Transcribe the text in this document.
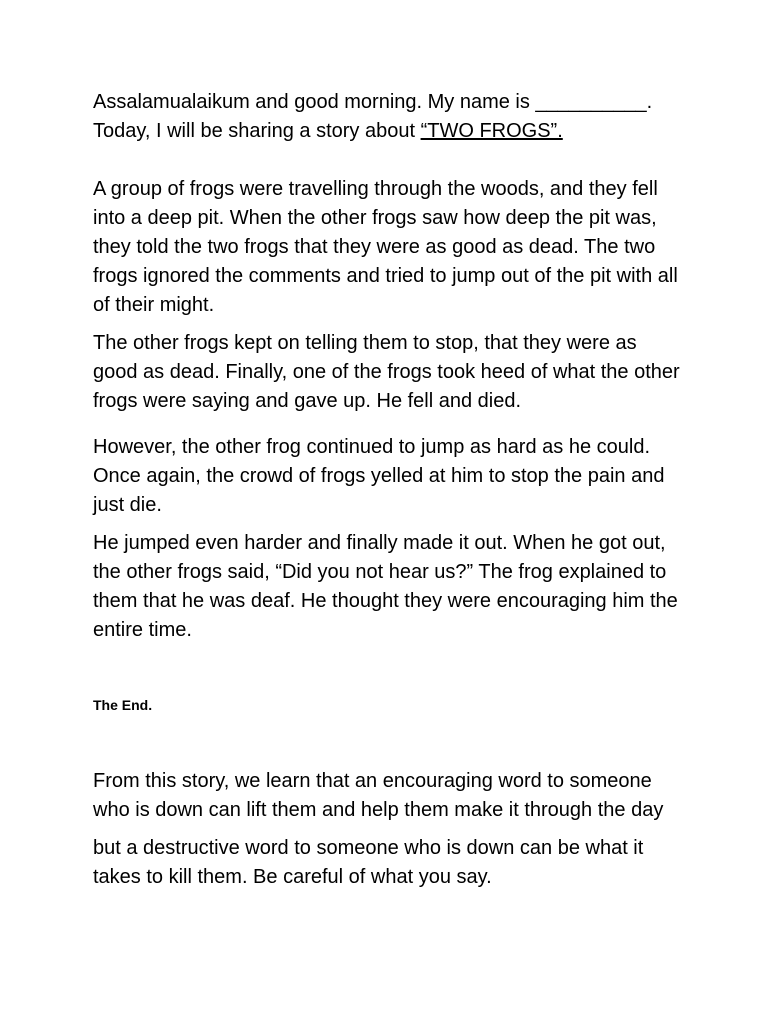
Assalamualaikum and good morning. My name is __________.

Today, I will be sharing a story about “TWO FROGS”.

A group of frogs were travelling through the woods, and they fell into a deep pit. When the other frogs saw how deep the pit was, they told the two frogs that they were as good as dead. The two frogs ignored the comments and tried to jump out of the pit with all of their might.

The other frogs kept on telling them to stop, that they were as good as dead. Finally, one of the frogs took heed of what the other frogs were saying and gave up. He fell and died.

However, the other frog continued to jump as hard as he could. Once again, the crowd of frogs yelled at him to stop the pain and just die.

He jumped even harder and finally made it out. When he got out, the other frogs said, “Did you not hear us?” The frog explained to them that he was deaf. He thought they were encouraging him the entire time.

The End.

From this story, we learn that an encouraging word to someone who is down can lift them and help them make it through the day

but a destructive word to someone who is down can be what it takes to kill them. Be careful of what you say.
